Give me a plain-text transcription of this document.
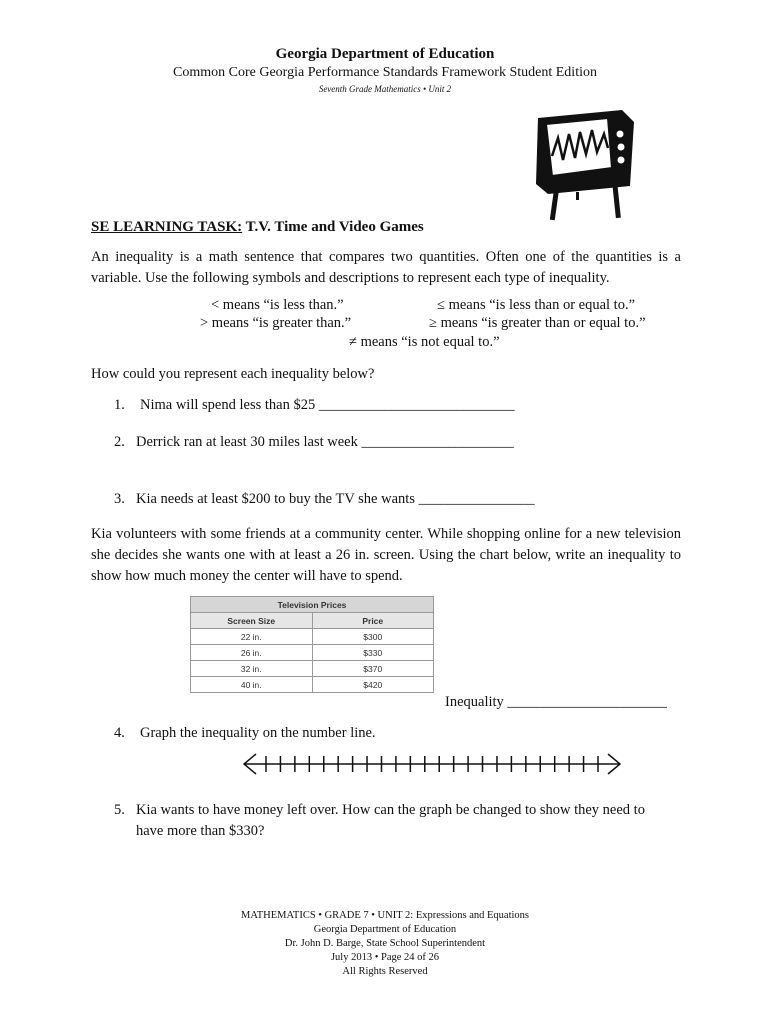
Georgia Department of Education
Common Core Georgia Performance Standards Framework Student Edition
Seventh Grade Mathematics • Unit 2
SE LEARNING TASK: T.V. Time and Video Games
An inequality is a math sentence that compares two quantities. Often one of the quantities is a variable. Use the following symbols and descriptions to represent each type of inequality.
< means “is less than.”	≤ means “is less than or equal to.”
> means “is greater than.”	≥ means “is greater than or equal to.”
≠ means “is not equal to.”
How could you represent each inequality below?
1. Nima will spend less than $25 ___________________________
2. Derrick ran at least 30 miles last week _____________________
3. Kia needs at least $200 to buy the TV she wants ________________
Kia volunteers with some friends at a community center. While shopping online for a new television she decides she wants one with at least a 26 in. screen. Using the chart below, write an inequality to show how much money the center will have to spend.
Television Prices	
Screen Size	Price
22 in.	$300
26 in.	$330
32 in.	$370
40 in.	$420
Inequality ______________________
4. Graph the inequality on the number line.
5. Kia wants to have money left over. How can the graph be changed to show they need to
have more than $330?
MATHEMATICS • GRADE 7 • UNIT 2: Expressions and Equations
Georgia Department of Education
Dr. John D. Barge, State School Superintendent
July 2013 • Page 24 of 26
All Rights Reserved
